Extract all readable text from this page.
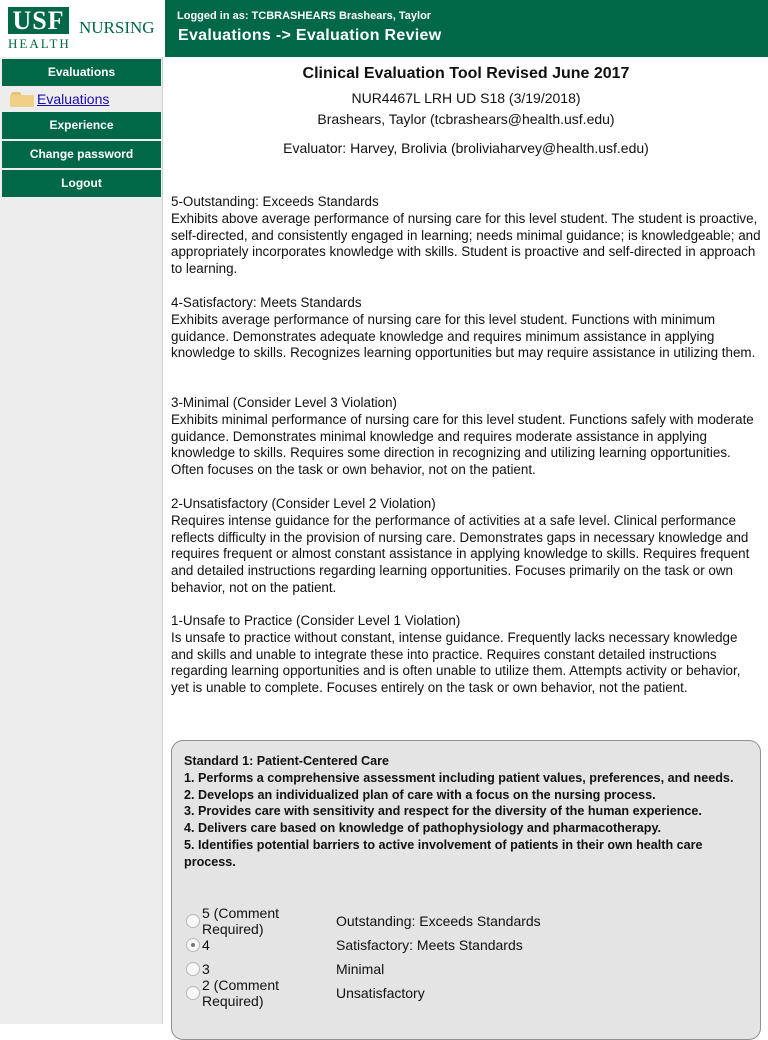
USF
HEALTH
NURSING
Evaluations
Evaluations
Experience
Change password
Logout
Logged in as: TCBRASHEARS Brashears, Taylor
Evaluations -> Evaluation Review
Clinical Evaluation Tool Revised June 2017
NUR4467L LRH UD S18 (3/19/2018)
Brashears, Taylor (tcbrashears@health.usf.edu)
Evaluator: Harvey, Brolivia (broliviaharvey@health.usf.edu)
5-Outstanding: Exceeds Standards
Exhibits above average performance of nursing care for this level student. The student is proactive, self-directed, and consistently engaged in learning; needs minimal guidance; is knowledgeable; and appropriately incorporates knowledge with skills. Student is proactive and self-directed in approach to learning.
4-Satisfactory: Meets Standards
Exhibits average performance of nursing care for this level student. Functions with minimum guidance. Demonstrates adequate knowledge and requires minimum assistance in applying knowledge to skills. Recognizes learning opportunities but may require assistance in utilizing them.
3-Minimal (Consider Level 3 Violation)
Exhibits minimal performance of nursing care for this level student. Functions safely with moderate guidance. Demonstrates minimal knowledge and requires moderate assistance in applying knowledge to skills. Requires some direction in recognizing and utilizing learning opportunities. Often focuses on the task or own behavior, not on the patient.
2-Unsatisfactory (Consider Level 2 Violation)
Requires intense guidance for the performance of activities at a safe level. Clinical performance reflects difficulty in the provision of nursing care. Demonstrates gaps in necessary knowledge and requires frequent or almost constant assistance in applying knowledge to skills. Requires frequent and detailed instructions regarding learning opportunities. Focuses primarily on the task or own behavior, not on the patient.
1-Unsafe to Practice (Consider Level 1 Violation)
Is unsafe to practice without constant, intense guidance. Frequently lacks necessary knowledge and skills and unable to integrate these into practice. Requires constant detailed instructions regarding learning opportunities and is often unable to utilize them. Attempts activity or behavior, yet is unable to complete. Focuses entirely on the task or own behavior, not the patient.
Standard 1: Patient-Centered Care
1. Performs a comprehensive assessment including patient values, preferences, and needs.
2. Develops an individualized plan of care with a focus on the nursing process.
3. Provides care with sensitivity and respect for the diversity of the human experience.
4. Delivers care based on knowledge of pathophysiology and pharmacotherapy.
5. Identifies potential barriers to active involvement of patients in their own health care process.
5 (Comment Required)	Outstanding: Exceeds Standards
4	Satisfactory: Meets Standards
3	Minimal
2 (Comment Required)	Unsatisfactory
